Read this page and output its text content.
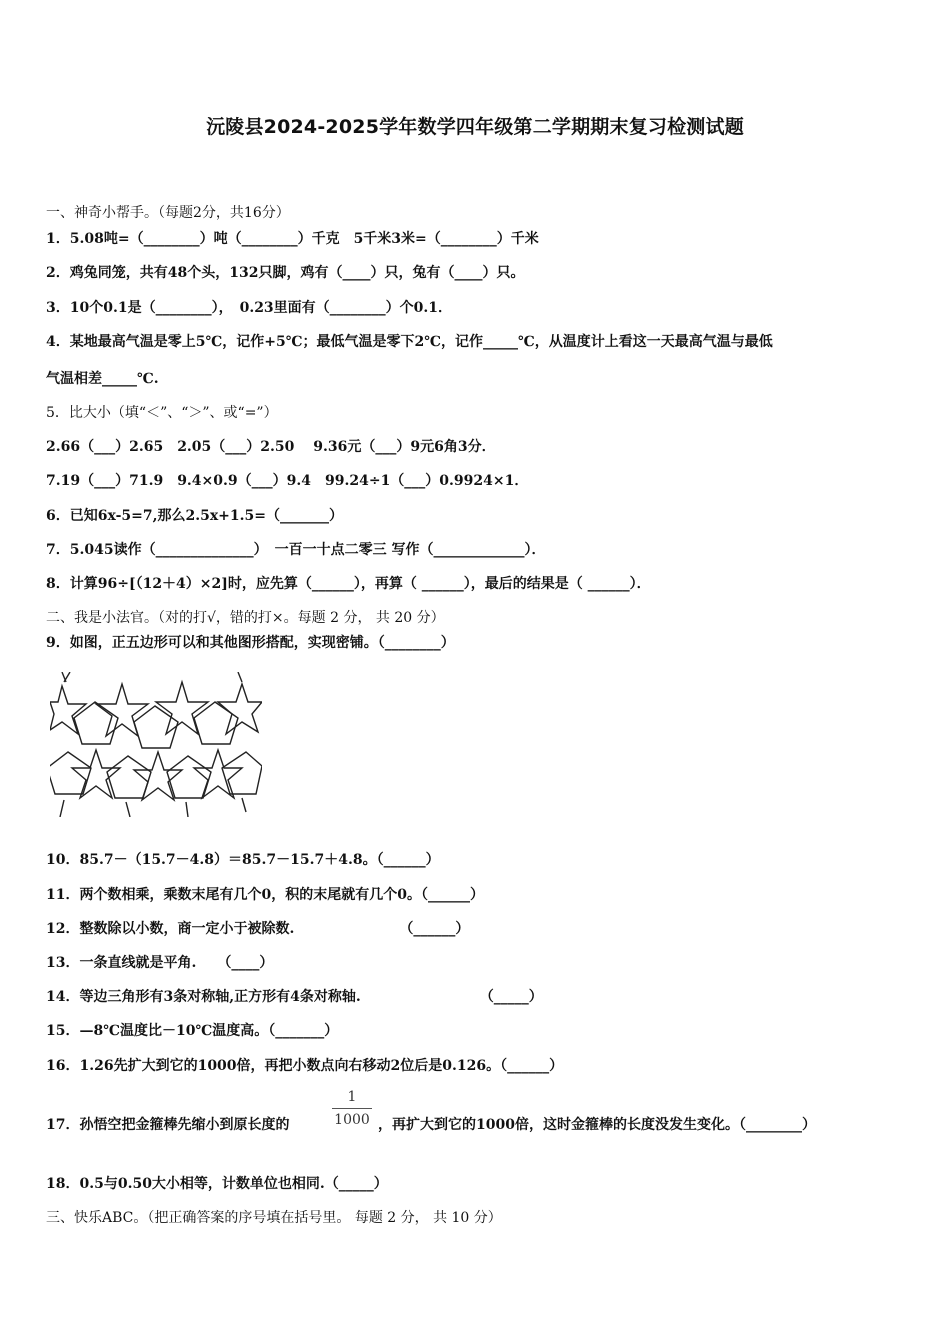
沅陵县2024-2025学年数学四年级第二学期期末复习检测试题
一、神奇小帮手。（每题2分，共16分）
1．5.08吨=（________）吨（________）千克　5千米3米=（________）千米
2．鸡兔同笼，共有48个头，132只脚，鸡有（____）只，兔有（____）只。
3．10个0.1是（________），　0.23里面有（________）个0.1．
4．某地最高气温是零上5℃，记作+5℃；最低气温是零下2℃，记作_____℃，从温度计上看这一天最高气温与最低
气温相差_____℃.
5．比大小（填“＜”、“＞”、或“=”）
2.66（___）2.65　2.05（___）2.50　 9.36元（___）9元6角3分．
7.19（___）71.9　9.4×0.9（___）9.4　99.24÷1（___）0.9924×1．
6．已知6x-5=7,那么2.5x+1.5=（_______）
7．5.045读作（______________）　一百一十点二零三 写作（_____________）．
8．计算96÷[（12＋4）×2]时，应先算（______），再算（ ______），最后的结果是（ ______）．
二、我是小法官。（对的打√，错的打×。每题 2 分， 共 20 分）
9．如图，正五边形可以和其他图形搭配，实现密铺。（________）
10．85.7－（15.7－4.8）＝85.7－15.7＋4.8。（______）
11．两个数相乘，乘数末尾有几个0，积的末尾就有几个0。（______）
12．整数除以小数，商一定小于被除数.　　　　　　　　（______）
13．一条直线就是平角.　　（____）
14．等边三角形有3条对称轴,正方形有4条对称轴.　　　　　　　　　（_____）
15．—8℃温度比－10℃温度高。（_______）
16．1.26先扩大到它的1000倍，再把小数点向右移动2位后是0.126。（______）
17．孙悟空把金箍棒先缩小到原长度的
1
1000 ，再扩大到它的1000倍，这时金箍棒的长度没发生变化。（________）
18．0.5与0.50大小相等，计数单位也相同.（_____）
三、快乐ABC。（把正确答案的序号填在括号里。 每题 2 分， 共 10 分）
